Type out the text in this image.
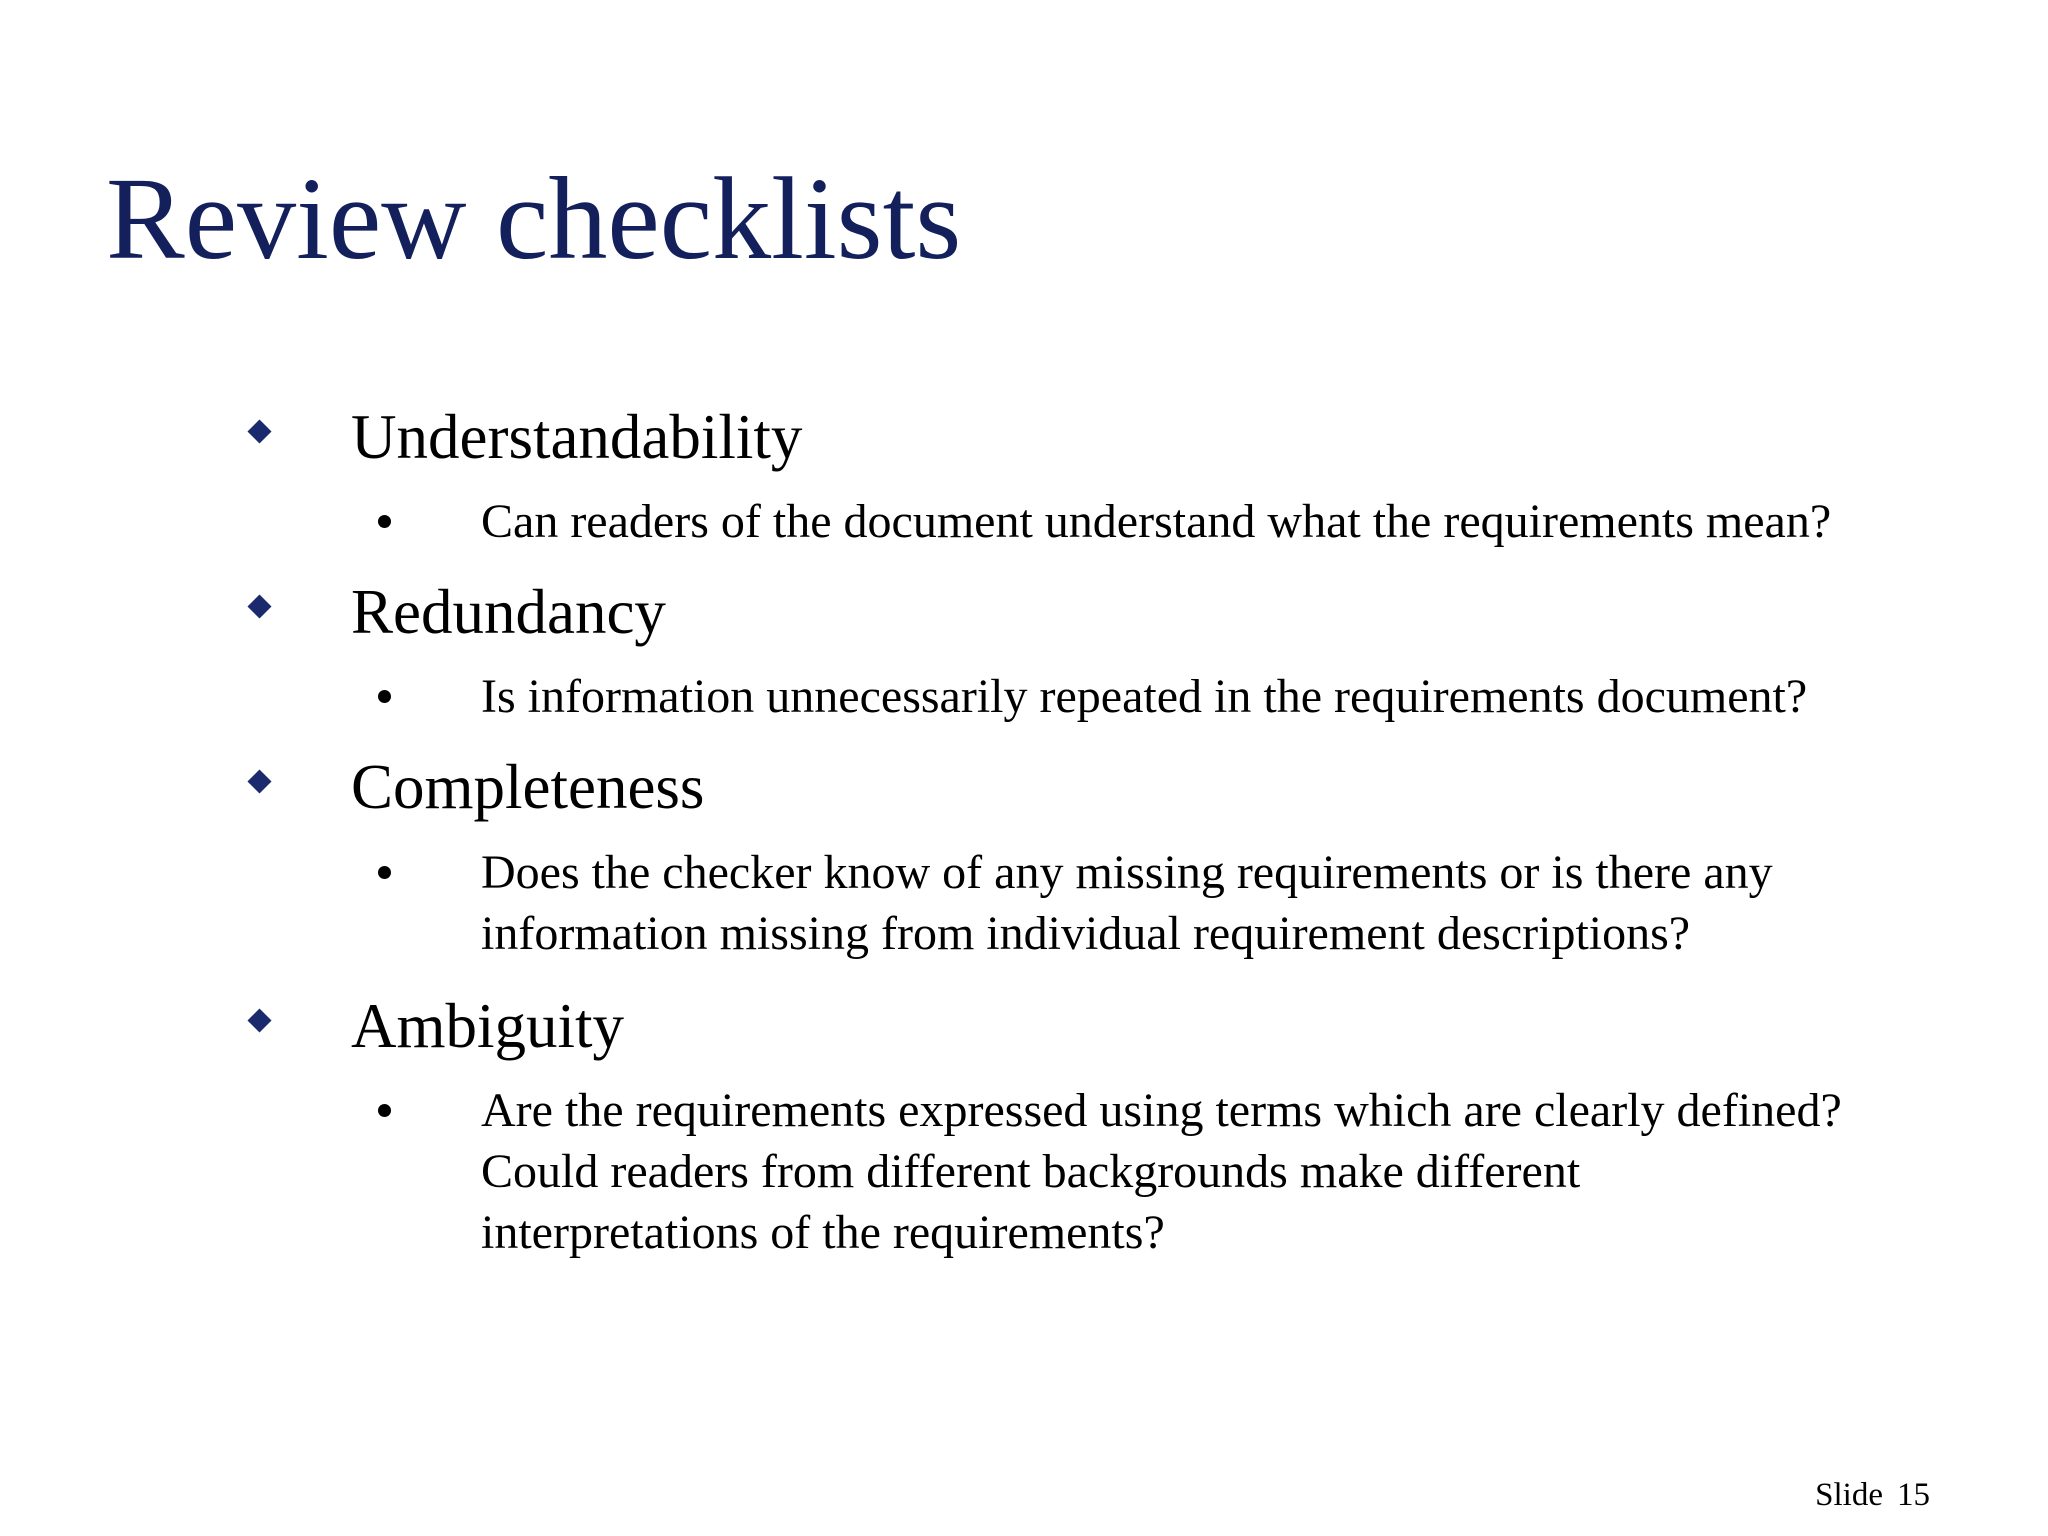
Review checklists
Understandability
Can readers of the document understand what the requirements mean?
Redundancy
Is information unnecessarily repeated in the requirements document?
Completeness
Does the checker know of any missing requirements or is there any
information missing from individual requirement descriptions?
Ambiguity
Are the requirements expressed using terms which are clearly defined?
Could readers from different backgrounds make different
interpretations of the requirements?
Slide 15
